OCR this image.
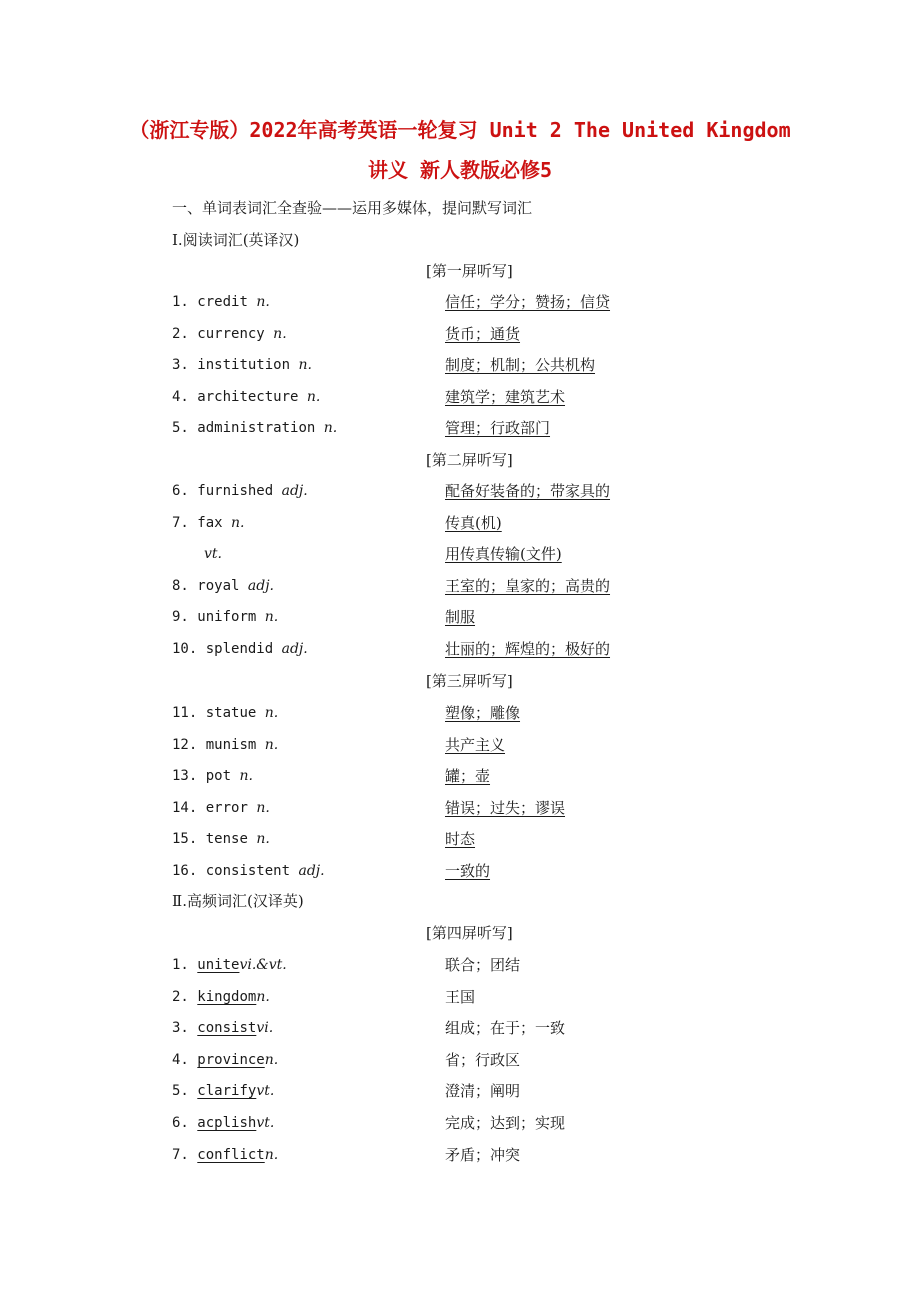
（浙江专版）2022年高考英语一轮复习 Unit 2 The United Kingdom
讲义 新人教版必修5
一、单词表词汇全查验——运用多媒体，提问默写词汇
Ⅰ.阅读词汇(英译汉)
[第一屏听写]
1. credit n.	信任；学分；赞扬；信贷
2. currency n.	货币；通货
3. institution n.	制度；机制；公共机构
4. architecture n.	建筑学；建筑艺术
5. administration n.	管理；行政部门
[第二屏听写]
6. furnished adj.	配备好装备的；带家具的
7. fax n.	传真(机)
vt.	用传真传输(文件)
8. royal adj.	王室的；皇家的；高贵的
9. uniform n.	制服
10. splendid adj.	壮丽的；辉煌的；极好的
[第三屏听写]
11. statue n.	塑像；雕像
12. munism n.	共产主义
13. pot n.	罐；壶
14. error n.	错误；过失；谬误
15. tense n.	时态
16. consistent adj.	一致的
Ⅱ.高频词汇(汉译英)
[第四屏听写]
1. unitevi.&vt.	联合；团结
2. kingdomn.	王国
3. consistvi.	组成；在于；一致
4. provincen.	省；行政区
5. clarifyvt.	澄清；阐明
6. acplishvt.	完成；达到；实现
7. conflictn.	矛盾；冲突
